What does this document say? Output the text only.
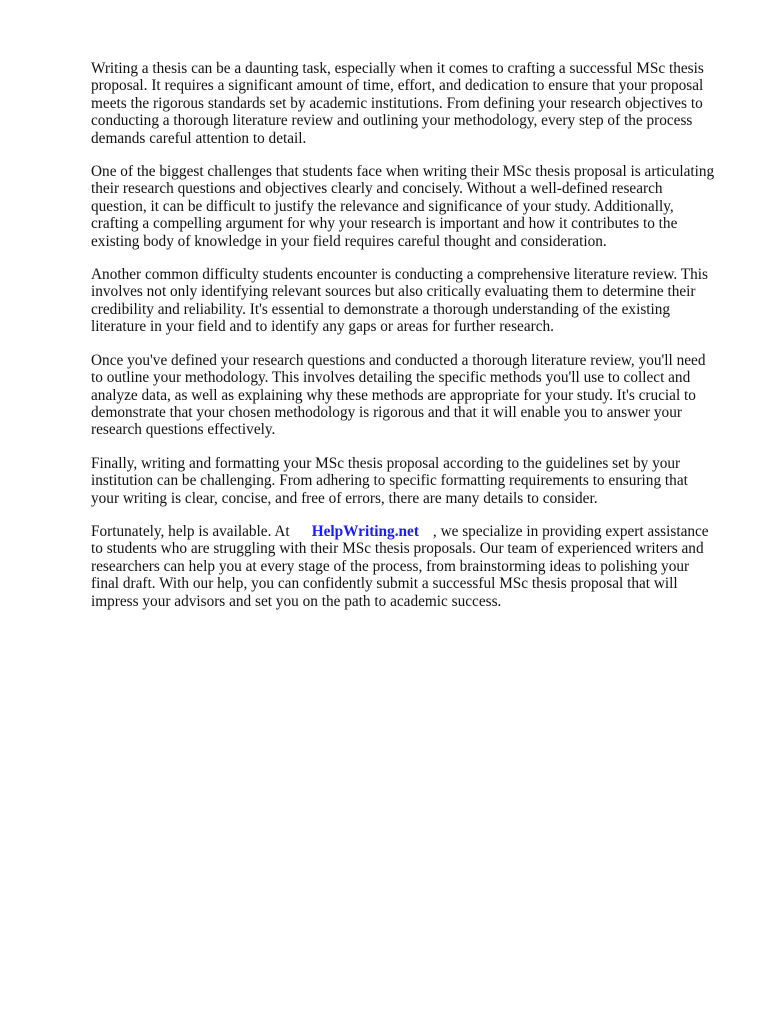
Writing a thesis can be a daunting task, especially when it comes to crafting a successful MSc thesis proposal. It requires a significant amount of time, effort, and dedication to ensure that your proposal meets the rigorous standards set by academic institutions. From defining your research objectives to conducting a thorough literature review and outlining your methodology, every step of the process demands careful attention to detail.

One of the biggest challenges that students face when writing their MSc thesis proposal is articulating their research questions and objectives clearly and concisely. Without a well-defined research question, it can be difficult to justify the relevance and significance of your study. Additionally, crafting a compelling argument for why your research is important and how it contributes to the existing body of knowledge in your field requires careful thought and consideration.

Another common difficulty students encounter is conducting a comprehensive literature review. This involves not only identifying relevant sources but also critically evaluating them to determine their credibility and reliability. It's essential to demonstrate a thorough understanding of the existing literature in your field and to identify any gaps or areas for further research.

Once you've defined your research questions and conducted a thorough literature review, you'll need to outline your methodology. This involves detailing the specific methods you'll use to collect and analyze data, as well as explaining why these methods are appropriate for your study. It's crucial to demonstrate that your chosen methodology is rigorous and that it will enable you to answer your research questions effectively.

Finally, writing and formatting your MSc thesis proposal according to the guidelines set by your institution can be challenging. From adhering to specific formatting requirements to ensuring that your writing is clear, concise, and free of errors, there are many details to consider.

Fortunately, help is available. At HelpWriting.net , we specialize in providing expert assistance to students who are struggling with their MSc thesis proposals. Our team of experienced writers and researchers can help you at every stage of the process, from brainstorming ideas to polishing your final draft. With our help, you can confidently submit a successful MSc thesis proposal that will impress your advisors and set you on the path to academic success.
